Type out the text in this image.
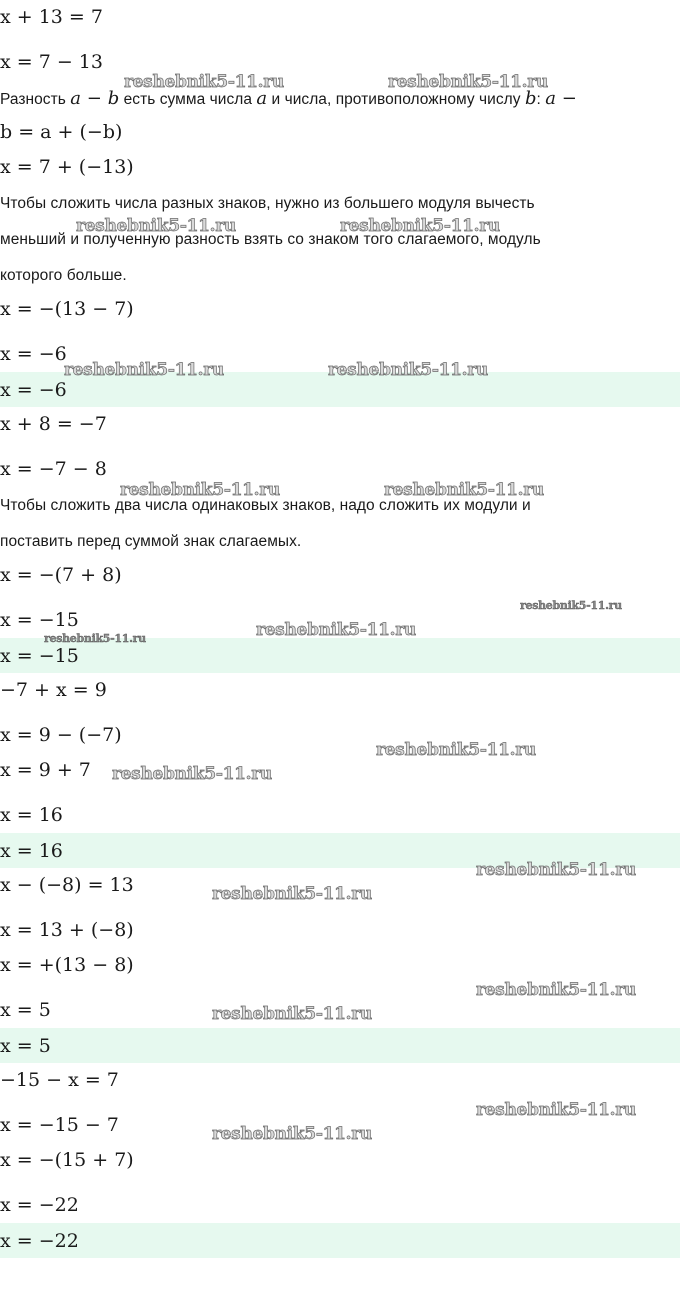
x + 13 = 7
x = 7 − 13
Разность a − b есть сумма числа a и числа, противоположному числу b: a −
b = a + (−b)
x = 7 + (−13)
Чтобы сложить числа разных знаков, нужно из большего модуля вычесть
меньший и полученную разность взять со знаком того слагаемого, модуль
которого больше.
x = −(13 − 7)
x = −6
x = −6
x + 8 = −7
x = −7 − 8
Чтобы сложить два числа одинаковых знаков, надо сложить их модули и
поставить перед суммой знак слагаемых.
x = −(7 + 8)
x = −15
x = −15
−7 + x = 9
x = 9 − (−7)
x = 9 + 7
x = 16
x = 16
x − (−8) = 13
x = 13 + (−8)
x = +(13 − 8)
x = 5
x = 5
−15 − x = 7
x = −15 − 7
x = −(15 + 7)
x = −22
x = −22
reshebnik5-11.ru	reshebnik5-11.ru
reshebnik5-11.ru	reshebnik5-11.ru
reshebnik5-11.ru	reshebnik5-11.ru
reshebnik5-11.ru	reshebnik5-11.ru
reshebnik5-11.ru
reshebnik5-11.ru
reshebnik5-11.ru
reshebnik5-11.ru
reshebnik5-11.ru
reshebnik5-11.ru
reshebnik5-11.ru
reshebnik5-11.ru
reshebnik5-11.ru
reshebnik5-11.ru
reshebnik5-11.ru
